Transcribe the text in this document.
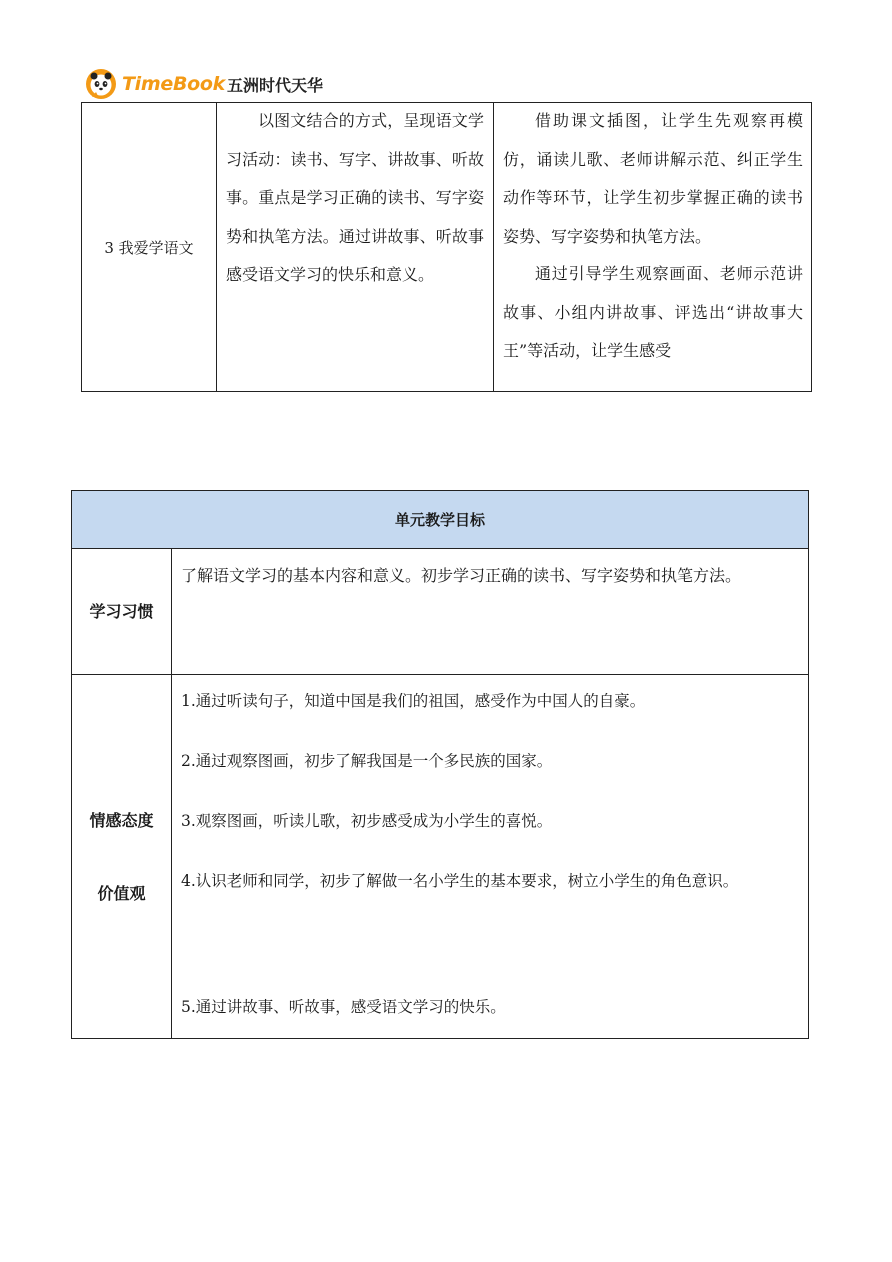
TimeBook 五洲时代天华
3 我爱学语文

以图文结合的方式，呈现语文学习活动：读书、写字、讲故事、听故事。重点是学习正确的读书、写字姿势和执笔方法。通过讲故事、听故事感受语文学习的快乐和意义。

借助课文插图，让学生先观察再模仿，诵读儿歌、老师讲解示范、纠正学生动作等环节，让学生初步掌握正确的读书姿势、写字姿势和执笔方法。

通过引导学生观察画面、老师示范讲故事、小组内讲故事、评选出“讲故事大王”等活动，让学生感受

单元教学目标
学习习惯

了解语文学习的基本内容和意义。初步学习正确的读书、写字姿势和执笔方法。

情感态度
价值观

1.通过听读句子，知道中国是我们的祖国，感受作为中国人的自豪。

2.通过观察图画，初步了解我国是一个多民族的国家。

3.观察图画，听读儿歌，初步感受成为小学生的喜悦。

4.认识老师和同学，初步了解做一名小学生的基本要求，树立小学生的角色意识。

5.通过讲故事、听故事，感受语文学习的快乐。
